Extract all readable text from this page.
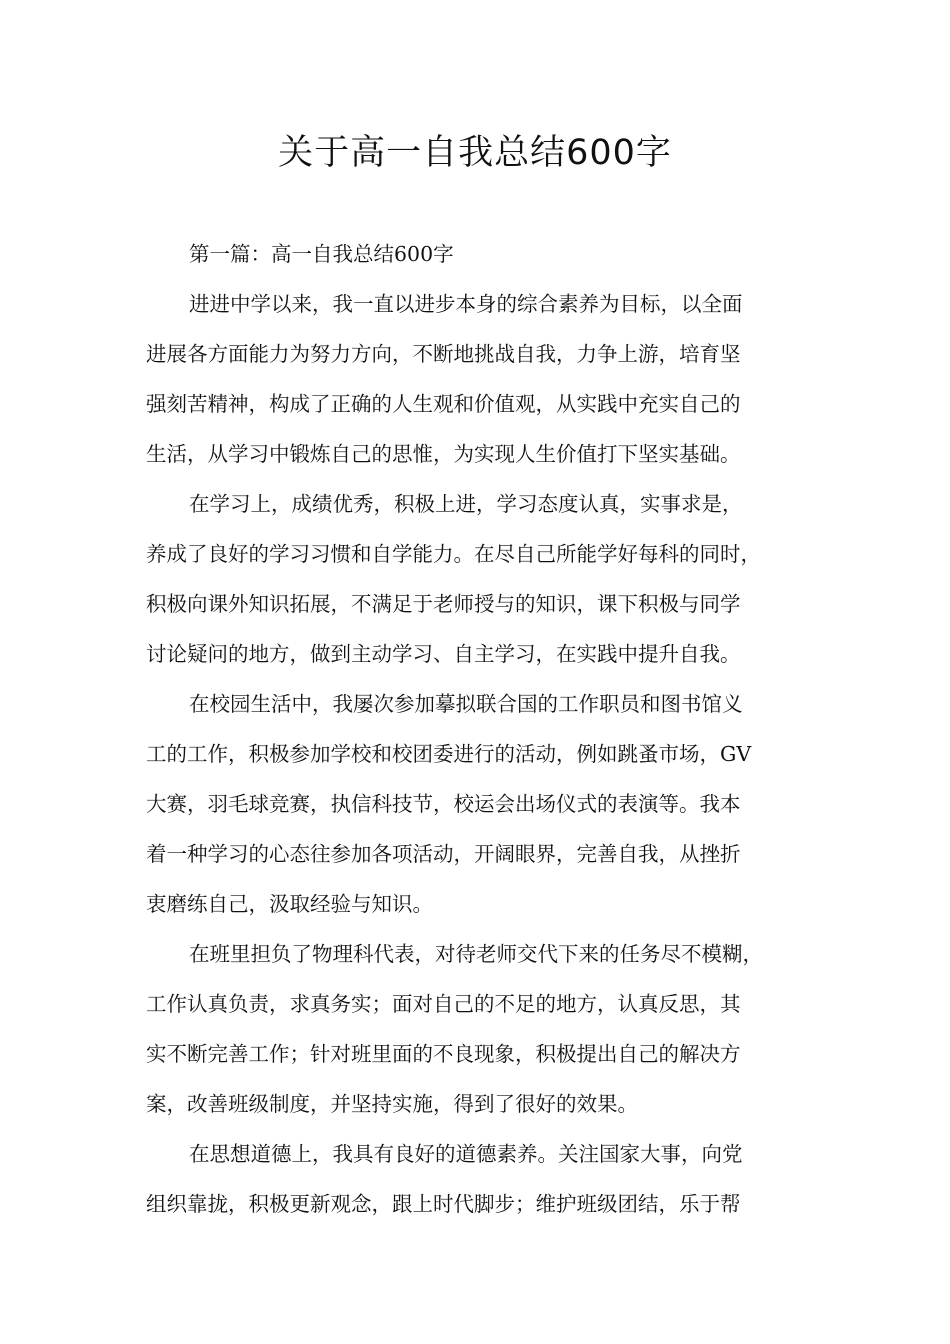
关于高一自我总结600字
第一篇：高一自我总结600字
进进中学以来，我一直以进步本身的综合素养为目标，以全面
进展各方面能力为努力方向，不断地挑战自我，力争上游，培育坚
强刻苦精神，构成了正确的人生观和价值观，从实践中充实自己的
生活，从学习中锻炼自己的思惟，为实现人生价值打下坚实基础。
在学习上，成绩优秀，积极上进，学习态度认真，实事求是，
养成了良好的学习习惯和自学能力。在尽自己所能学好每科的同时，
积极向课外知识拓展，不满足于老师授与的知识，课下积极与同学
讨论疑问的地方，做到主动学习、自主学习，在实践中提升自我。
在校园生活中，我屡次参加摹拟联合国的工作职员和图书馆义
工的工作，积极参加学校和校团委进行的活动，例如跳蚤市场，GV
大赛，羽毛球竞赛，执信科技节，校运会出场仪式的表演等。我本
着一种学习的心态往参加各项活动，开阔眼界，完善自我，从挫折
衷磨练自己，汲取经验与知识。
在班里担负了物理科代表，对待老师交代下来的任务尽不模糊，
工作认真负责，求真务实；面对自己的不足的地方，认真反思，其
实不断完善工作；针对班里面的不良现象，积极提出自己的解决方
案，改善班级制度，并坚持实施，得到了很好的效果。
在思想道德上，我具有良好的道德素养。关注国家大事，向党
组织靠拢，积极更新观念，跟上时代脚步；维护班级团结，乐于帮
